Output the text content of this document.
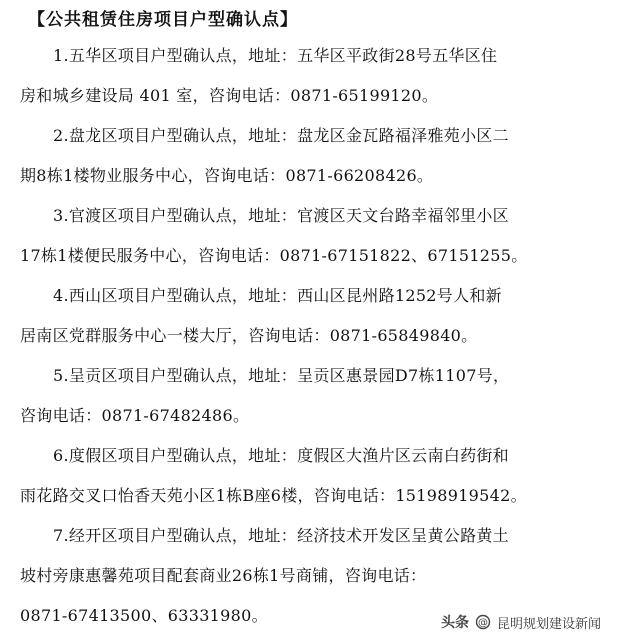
【公共租赁住房项目户型确认点】
1.五华区项目户型确认点，地址：五华区平政街28号五华区住
房和城乡建设局 401 室，咨询电话：0871-65199120。
2.盘龙区项目户型确认点，地址：盘龙区金瓦路福泽雅苑小区二
期8栋1楼物业服务中心，咨询电话：0871-66208426。
3.官渡区项目户型确认点，地址：官渡区天文台路幸福邻里小区
17栋1楼便民服务中心，咨询电话：0871-67151822、67151255。
4.西山区项目户型确认点，地址：西山区昆州路1252号人和新
居南区党群服务中心一楼大厅，咨询电话：0871-65849840。
5.呈贡区项目户型确认点，地址：呈贡区惠景园D7栋1107号，
咨询电话：0871-67482486。
6.度假区项目户型确认点，地址：度假区大渔片区云南白药街和
雨花路交叉口怡香天苑小区1栋B座6楼，咨询电话：15198919542。
7.经开区项目户型确认点，地址：经济技术开发区呈黄公路黄土
坡村旁康惠馨苑项目配套商业26栋1号商铺，咨询电话：
0871-67413500、63331980。	头条 @ 昆明规划建设新闻
